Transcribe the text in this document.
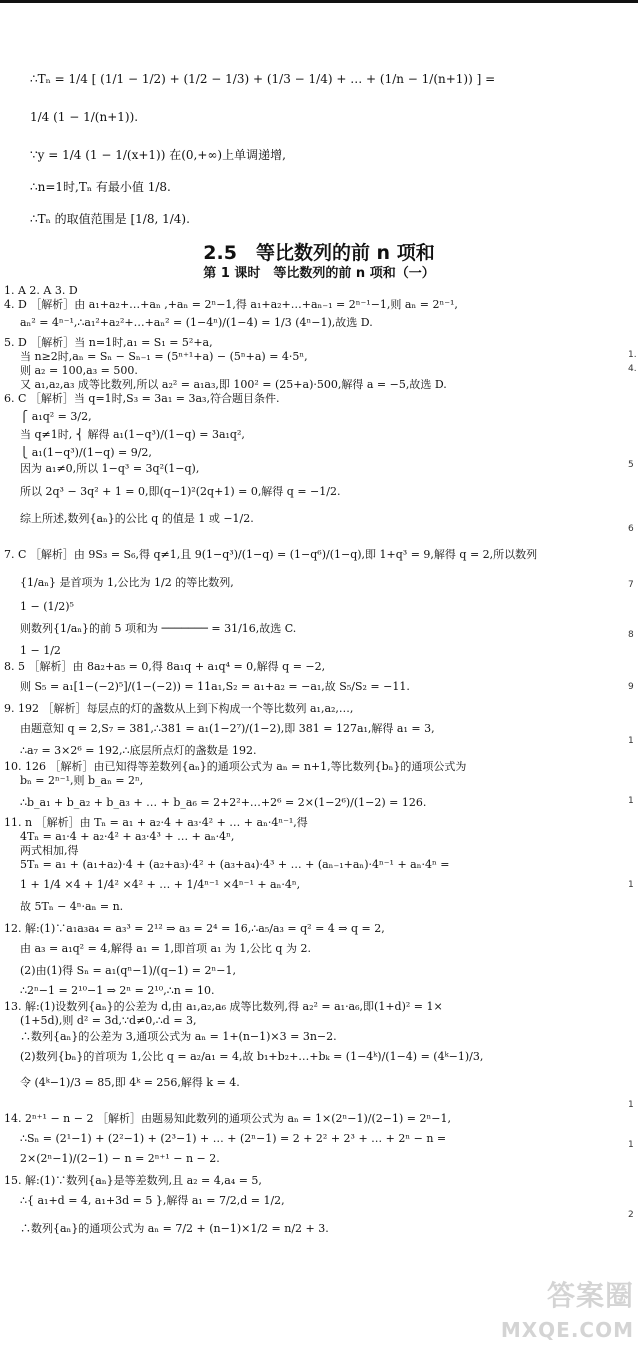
∴Tₙ = 1/4 [ (1/1 − 1/2) + (1/2 − 1/3) + (1/3 − 1/4) + … + (1/n − 1/(n+1)) ] =
1/4 (1 − 1/(n+1)).
∵y = 1/4 (1 − 1/(x+1)) 在(0,+∞)上单调递增,
∴n=1时,Tₙ 有最小值 1/8.
∴Tₙ 的取值范围是 [1/8, 1/4).
2.5　等比数列的前 n 项和
第 1 课时　等比数列的前 n 项和（一）
1. A 2. A 3. D
4. D ［解析］由 a₁+a₂+…+aₙ ,+aₙ = 2ⁿ−1,得 a₁+a₂+…+aₙ₋₁ = 2ⁿ⁻¹−1,则 aₙ = 2ⁿ⁻¹,
aₙ² = 4ⁿ⁻¹,∴a₁²+a₂²+…+aₙ² = (1−4ⁿ)/(1−4) = 1/3 (4ⁿ−1),故选 D.
5. D ［解析］当 n=1时,a₁ = S₁ = 5²+a,
当 n≥2时,aₙ = Sₙ − Sₙ₋₁ = (5ⁿ⁺¹+a) − (5ⁿ+a) = 4·5ⁿ,
则 a₂ = 100,a₃ = 500.
又 a₁,a₂,a₃ 成等比数列,所以 a₂² = a₁a₃,即 100² = (25+a)·500,解得 a = −5,故选 D.
6. C ［解析］当 q=1时,S₃ = 3a₁ = 3a₃,符合题目条件.
⎧ a₁q² = 3/2,
当 q≠1时, ⎨ 解得 a₁(1−q³)/(1−q) = 3a₁q²,
⎩ a₁(1−q³)/(1−q) = 9/2,
因为 a₁≠0,所以 1−q³ = 3q²(1−q),
所以 2q³ − 3q² + 1 = 0,即(q−1)²(2q+1) = 0,解得 q = −1/2.
综上所述,数列{aₙ}的公比 q 的值是 1 或 −1/2.
7. C ［解析］由 9S₃ = S₆,得 q≠1,且 9(1−q³)/(1−q) = (1−q⁶)/(1−q),即 1+q³ = 9,解得 q = 2,所以数列
{1/aₙ} 是首项为 1,公比为 1/2 的等比数列,
1 − (1/2)⁵
则数列{1/aₙ}的前 5 项和为 ─────── = 31/16,故选 C.
1 − 1/2
8. 5 ［解析］由 8a₂+a₅ = 0,得 8a₁q + a₁q⁴ = 0,解得 q = −2,
则 S₅ = a₁[1−(−2)⁵]/(1−(−2)) = 11a₁,S₂ = a₁+a₂ = −a₁,故 S₅/S₂ = −11.
9. 192 ［解析］每层点的灯的盏数从上到下构成一个等比数列 a₁,a₂,…,
由题意知 q = 2,S₇ = 381,∴381 = a₁(1−2⁷)/(1−2),即 381 = 127a₁,解得 a₁ = 3,
∴a₇ = 3×2⁶ = 192,∴底层所点灯的盏数是 192.
10. 126 ［解析］由已知得等差数列{aₙ}的通项公式为 aₙ = n+1,等比数列{bₙ}的通项公式为
bₙ = 2ⁿ⁻¹,则 b_aₙ = 2ⁿ,
∴b_a₁ + b_a₂ + b_a₃ + … + b_a₆ = 2+2²+…+2⁶ = 2×(1−2⁶)/(1−2) = 126.
11. n ［解析］由 Tₙ = a₁ + a₂·4 + a₃·4² + … + aₙ·4ⁿ⁻¹,得
4Tₙ = a₁·4 + a₂·4² + a₃·4³ + … + aₙ·4ⁿ,
两式相加,得
5Tₙ = a₁ + (a₁+a₂)·4 + (a₂+a₃)·4² + (a₃+a₄)·4³ + … + (aₙ₋₁+aₙ)·4ⁿ⁻¹ + aₙ·4ⁿ =
1 + 1/4 ×4 + 1/4² ×4² + … + 1/4ⁿ⁻¹ ×4ⁿ⁻¹ + aₙ·4ⁿ,
故 5Tₙ − 4ⁿ·aₙ = n.
12. 解:(1)∵a₁a₃a₄ = a₃³ = 2¹² ⇒ a₃ = 2⁴ = 16,∴a₅/a₃ = q² = 4 ⇒ q = 2,
由 a₃ = a₁q² = 4,解得 a₁ = 1,即首项 a₁ 为 1,公比 q 为 2.
(2)由(1)得 Sₙ = a₁(qⁿ−1)/(q−1) = 2ⁿ−1,
∴2ⁿ−1 = 2¹⁰−1 ⇒ 2ⁿ = 2¹⁰,∴n = 10.
13. 解:(1)设数列{aₙ}的公差为 d,由 a₁,a₂,a₆ 成等比数列,得 a₂² = a₁·a₆,即(1+d)² = 1×
(1+5d),则 d² = 3d,∵d≠0,∴d = 3,
∴数列{aₙ}的公差为 3,通项公式为 aₙ = 1+(n−1)×3 = 3n−2.
(2)数列{bₙ}的首项为 1,公比 q = a₂/a₁ = 4,故 b₁+b₂+…+bₖ = (1−4ᵏ)/(1−4) = (4ᵏ−1)/3,
令 (4ᵏ−1)/3 = 85,即 4ᵏ = 256,解得 k = 4.
14. 2ⁿ⁺¹ − n − 2 ［解析］由题易知此数列的通项公式为 aₙ = 1×(2ⁿ−1)/(2−1) = 2ⁿ−1,
∴Sₙ = (2¹−1) + (2²−1) + (2³−1) + … + (2ⁿ−1) = 2 + 2² + 2³ + … + 2ⁿ − n =
2×(2ⁿ−1)/(2−1) − n = 2ⁿ⁺¹ − n − 2.
15. 解:(1)∵数列{aₙ}是等差数列,且 a₂ = 4,a₄ = 5,
∴{ a₁+d = 4, a₁+3d = 5 },解得 a₁ = 7/2,d = 1/2,
∴数列{aₙ}的通项公式为 aₙ = 7/2 + (n−1)×1/2 = n/2 + 3.
1.
4.
5
6
7
8
9
1
1
1
1
1
2
答案圈
MXQE.COM
